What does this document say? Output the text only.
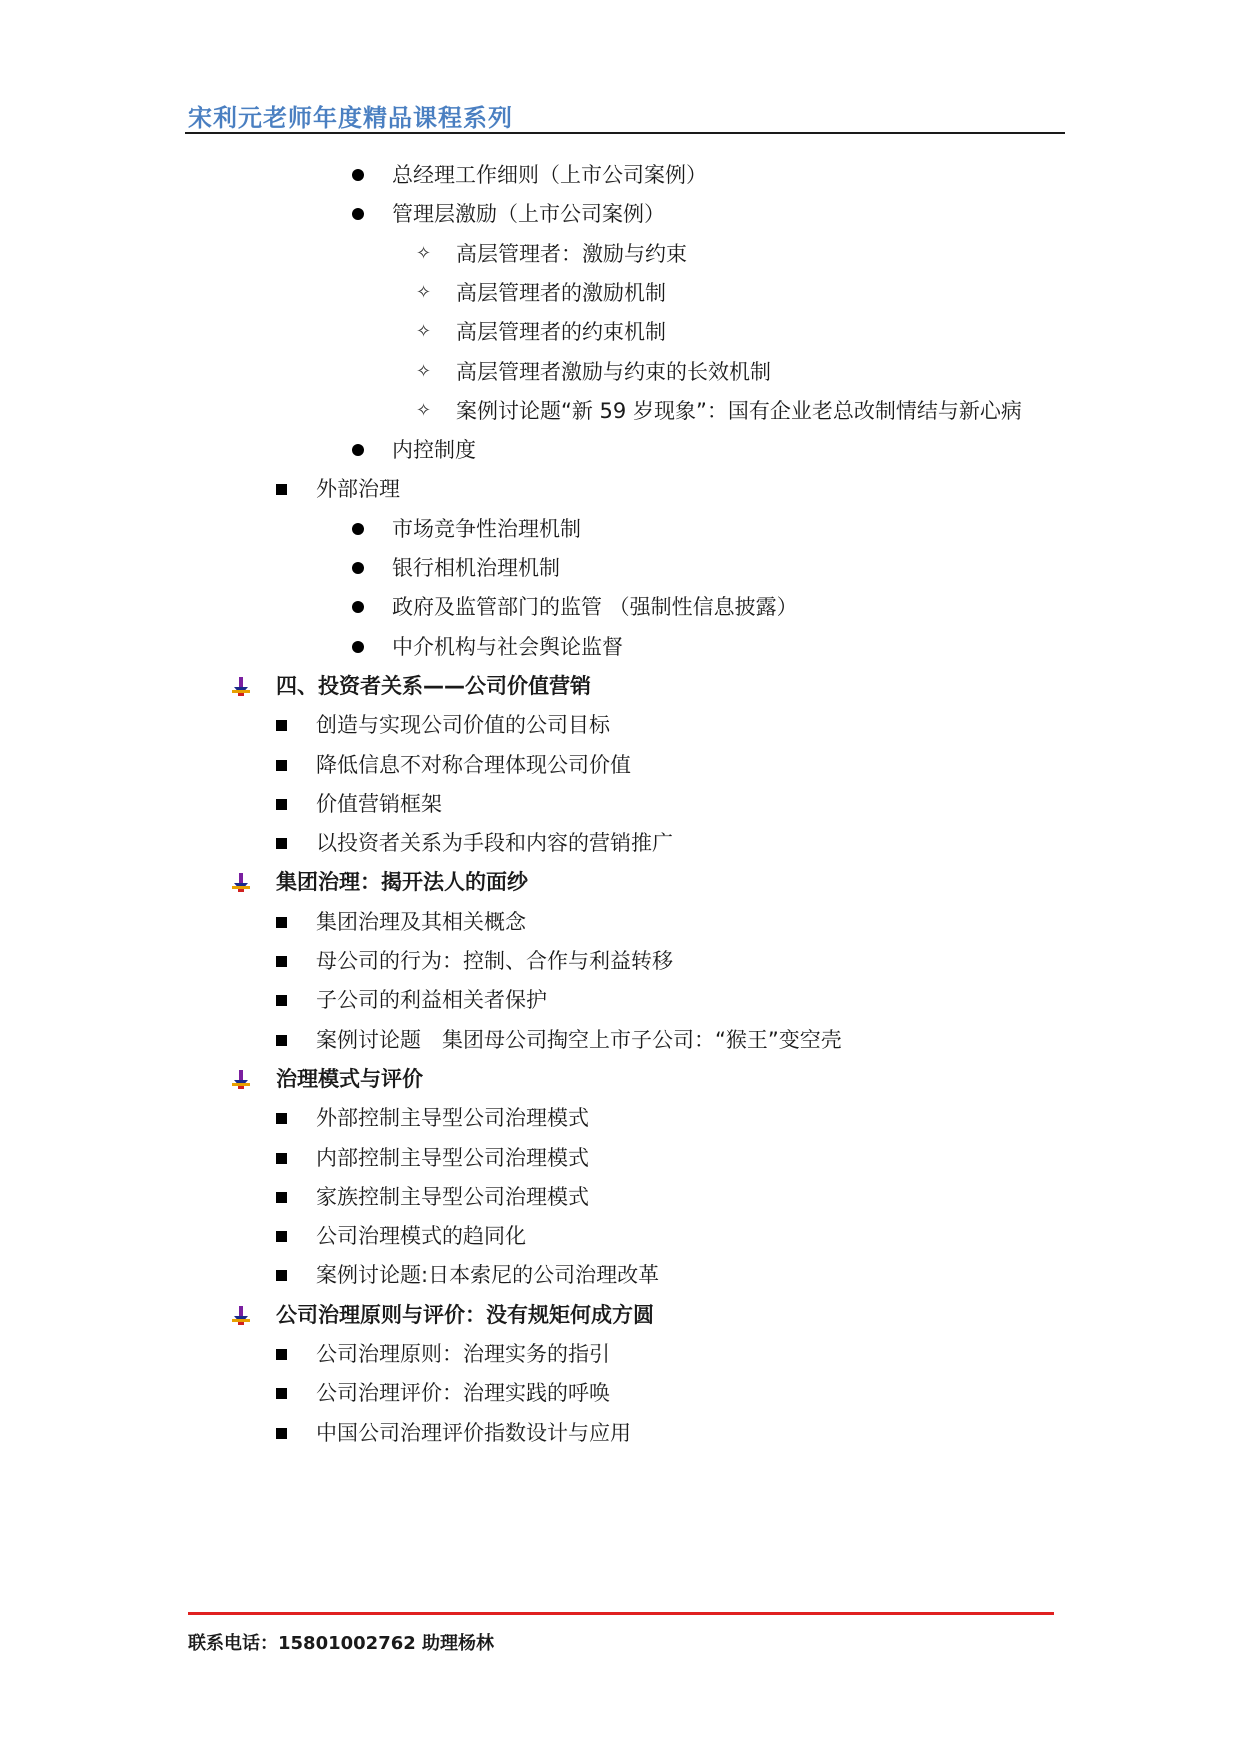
宋利元老师年度精品课程系列
总经理工作细则（上市公司案例）
管理层激励（上市公司案例）
✧
高层管理者：激励与约束
✧
高层管理者的激励机制
✧
高层管理者的约束机制
✧
高层管理者激励与约束的长效机制
✧
案例讨论题“新 59 岁现象”：国有企业老总改制情结与新心病
内控制度
外部治理
市场竞争性治理机制
银行相机治理机制
政府及监管部门的监管 （强制性信息披露）
中介机构与社会舆论监督
四、投资者关系——公司价值营销
创造与实现公司价值的公司目标
降低信息不对称合理体现公司价值
价值营销框架
以投资者关系为手段和内容的营销推广
集团治理：揭开法人的面纱
集团治理及其相关概念
母公司的行为：控制、合作与利益转移
子公司的利益相关者保护
案例讨论题　集团母公司掏空上市子公司：“猴王”变空壳
治理模式与评价
外部控制主导型公司治理模式
内部控制主导型公司治理模式
家族控制主导型公司治理模式
公司治理模式的趋同化
案例讨论题:日本索尼的公司治理改革
公司治理原则与评价：没有规矩何成方圆
公司治理原则：治理实务的指引
公司治理评价：治理实践的呼唤
中国公司治理评价指数设计与应用
联系电话：15801002762 助理杨林
